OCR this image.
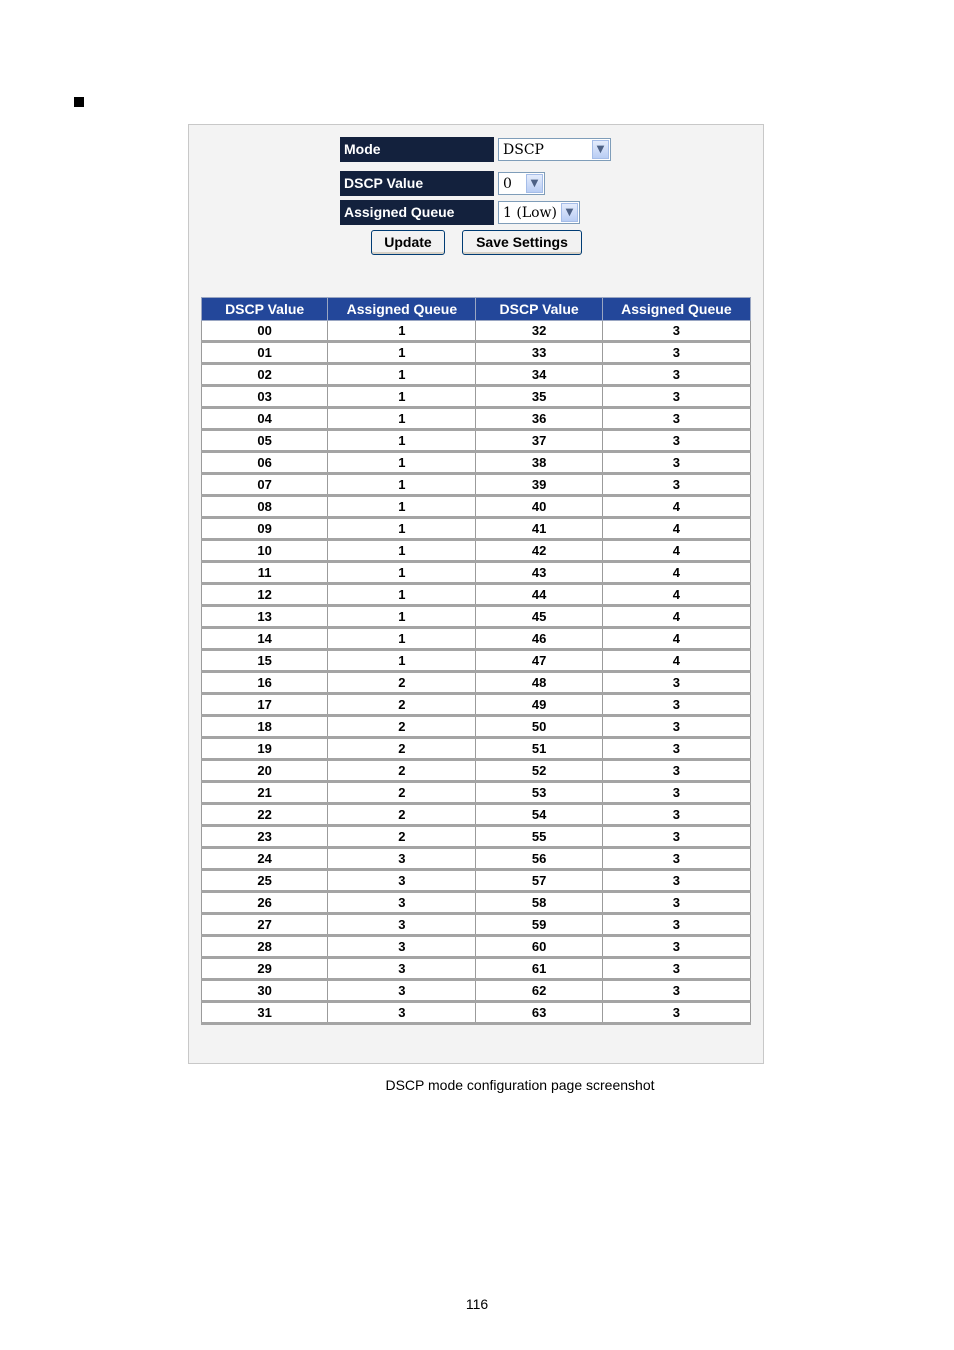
Mode	DSCP	▼
DSCP Value	0	▼
Assigned Queue	1 (Low) ▼
Update	Save Settings
DSCP Value	Assigned Queue	DSCP Value	Assigned Queue
00	1	32	3
01	1	33	3
02	1	34	3
03	1	35	3
04	1	36	3
05	1	37	3
06	1	38	3
07	1	39	3
08	1	40	4
09	1	41	4
10	1	42	4
11	1	43	4
12	1	44	4
13	1	45	4
14	1	46	4
15	1	47	4
16	2	48	3
17	2	49	3
18	2	50	3
19	2	51	3
20	2	52	3
21	2	53	3
22	2	54	3
23	2	55	3
24	3	56	3
25	3	57	3
26	3	58	3
27	3	59	3
28	3	60	3
29	3	61	3
30	3	62	3
31	3	63	3
DSCP mode configuration page screenshot
116
